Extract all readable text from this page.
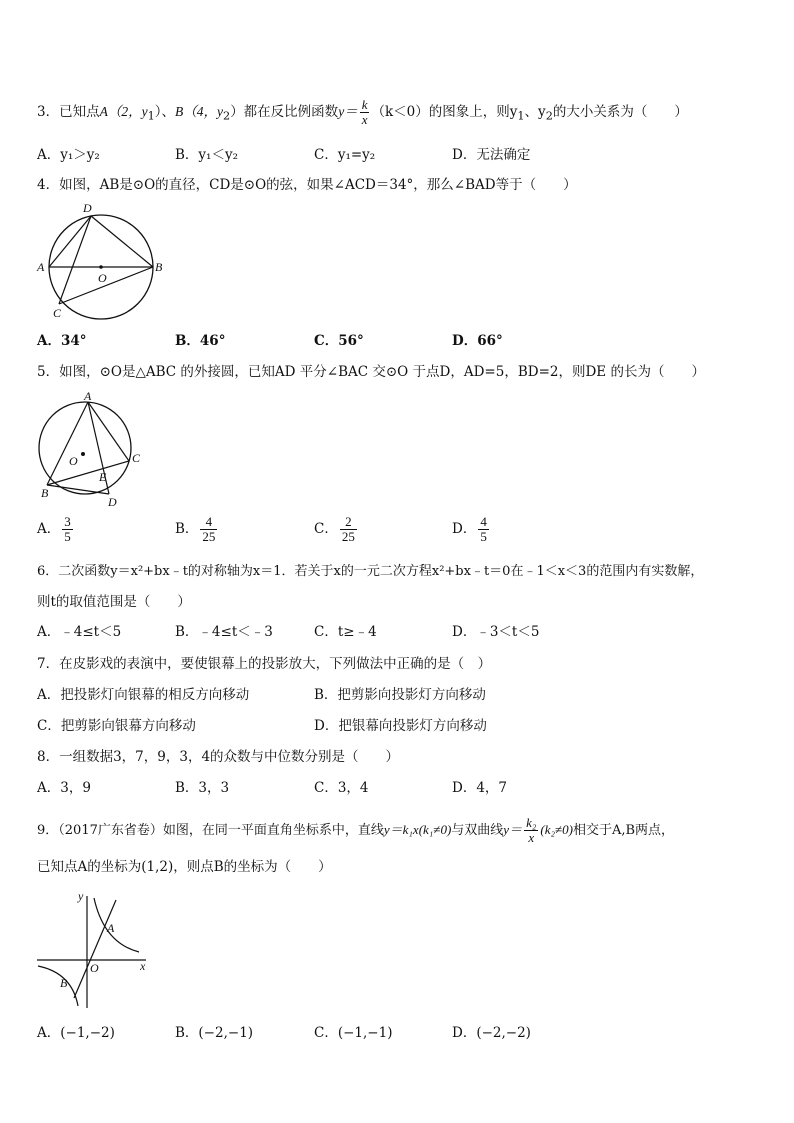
3．已知点A（2，$y_1$）、B（4，$y_2$）都在反比例函数$y= \frac{k}{x} (k<0)$的图象上，则$y_1$、$y_2$的大小关系为（　　）
A．y₁＞y₂	B．y₁＜y₂	C．y₁=y₂	D．无法确定
4．如图，AB是⊙O的直径，CD是⊙O的弦，如果∠ACD＝34°，那么∠BAD等于（　　）
A	B
C
D
O
A．34°	B．46°	C．56°	D．66°
5．如图，⊙O是△ABC 的外接圆，已知AD 平分∠BAC 交⊙O 于点D，AD=5，BD=2，则DE 的长为（　　）
A
B
C
D
E
O
A． $\frac{3}{5}$	B． $\frac{4}{25}$	C． $\frac{2}{25}$	D． $\frac{4}{5}$
6．二次函数y＝x²+bx﹣t的对称轴为x＝1．若关于x的一元二次方程x²+bx﹣t＝0在﹣1＜x＜3的范围内有实数解，
则t的取值范围是（　　）
A．﹣4≤t＜5	B．﹣4≤t＜﹣3	C．t≥﹣4	D．﹣3＜t＜5
7．在皮影戏的表演中，要使银幕上的投影放大，下列做法中正确的是（　）
A．把投影灯向银幕的相反方向移动	B．把剪影向投影灯方向移动
C．把剪影向银幕方向移动	D．把银幕向投影灯方向移动
8．一组数据3，7，9，3，4的众数与中位数分别是（　　）
A．3，9	B．3，3	C．3，4	D．4，7
9．（2017广东省卷）如图，在同一平面直角坐标系中，直线y＝k₁x(k₁≠0)与双曲线$y= \frac{\text{k₂}}{x} (k_2\ne 0)$相交于A,B两点，
已知点A的坐标为(1,2)，则点B的坐标为（　　）
y
x
O
A
B
A．(−1,−2)	B．(−2,−1)	C．(−1,−1)	D．(−2,−2)
